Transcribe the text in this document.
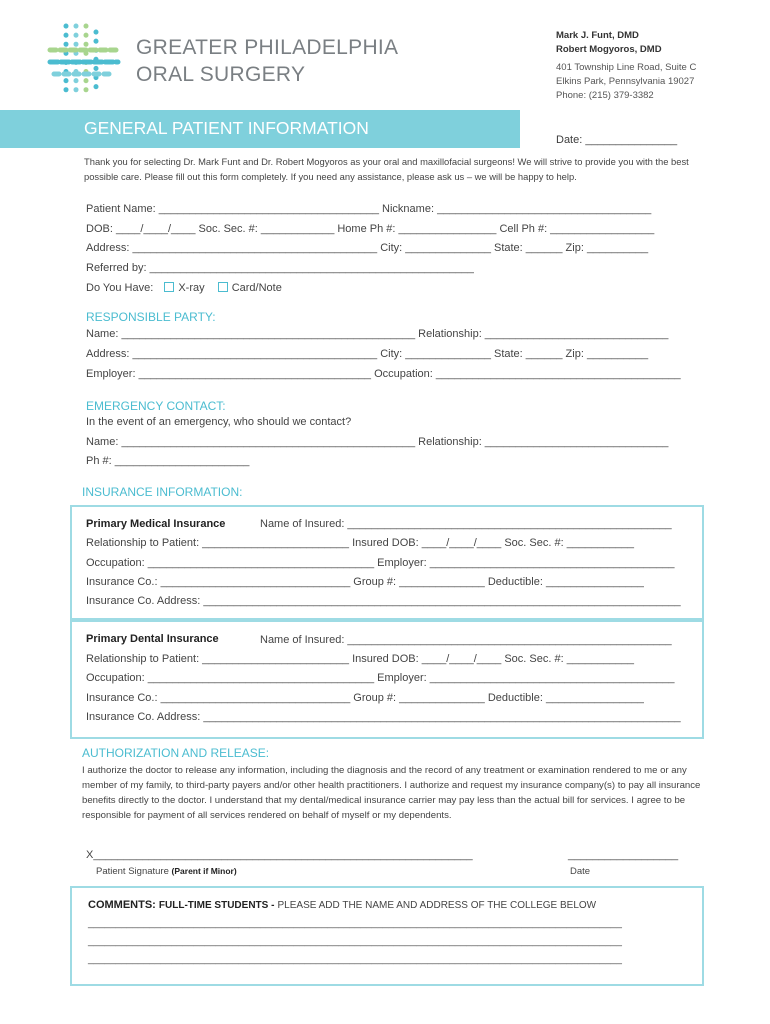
GREATER PHILADELPHIA
ORAL SURGERY
Mark J. Funt, DMD
Robert Mogyoros, DMD
401 Township Line Road, Suite C
Elkins Park, Pennsylvania 19027
Phone: (215) 379-3382
GENERAL PATIENT INFORMATION
Date: _______________
Thank you for selecting Dr. Mark Funt and Dr. Robert Mogyoros as your oral and maxillofacial surgeons! We will strive to provide you with the best possible care. Please fill out this form completely. If you need any assistance, please ask us – we will be happy to help.
Patient Name: ____________________________________ Nickname: ___________________________________
DOB: ____/____/____ Soc. Sec. #: ____________ Home Ph #: ________________ Cell Ph #: _________________
Address: ________________________________________ City: ______________ State: ______ Zip: __________
Referred by: _____________________________________________________
Do You Have: X-ray Card/Note
RESPONSIBLE PARTY:
Name: ________________________________________________ Relationship: ______________________________
Address: ________________________________________ City: ______________ State: ______ Zip: __________
Employer: ______________________________________ Occupation: ________________________________________
EMERGENCY CONTACT:
In the event of an emergency, who should we contact?
Name: ________________________________________________ Relationship: ______________________________
Ph #: ______________________
INSURANCE INFORMATION:
Primary Medical Insurance	Name of Insured: _____________________________________________________
Relationship to Patient: ________________________ Insured DOB: ____/____/____ Soc. Sec. #: ___________
Occupation: _____________________________________ Employer: ________________________________________
Insurance Co.: _______________________________ Group #: ______________ Deductible: ________________
Insurance Co. Address: ______________________________________________________________________________
Primary Dental Insurance	Name of Insured: _____________________________________________________
Relationship to Patient: ________________________ Insured DOB: ____/____/____ Soc. Sec. #: ___________
Occupation: _____________________________________ Employer: ________________________________________
Insurance Co.: _______________________________ Group #: ______________ Deductible: ________________
Insurance Co. Address: ______________________________________________________________________________
AUTHORIZATION AND RELEASE:
I authorize the doctor to release any information, including the diagnosis and the record of any treatment or examination rendered to me or any member of my family, to third-party payers and/or other health practitioners. I authorize and request my insurance company(s) to pay all insurance benefits directly to the doctor. I understand that my dental/medical insurance carrier may pay less than the actual bill for services. I agree to be responsible for payment of all services rendered on behalf of myself or my dependents.
X______________________________________________________________	__________________
Patient Signature (Parent if Minor)	Date
COMMENTS: FULL-TIME STUDENTS - PLEASE ADD THE NAME AND ADDRESS OF THE COLLEGE BELOW
________________________________________________________________________________________________
________________________________________________________________________________________________
________________________________________________________________________________________________
